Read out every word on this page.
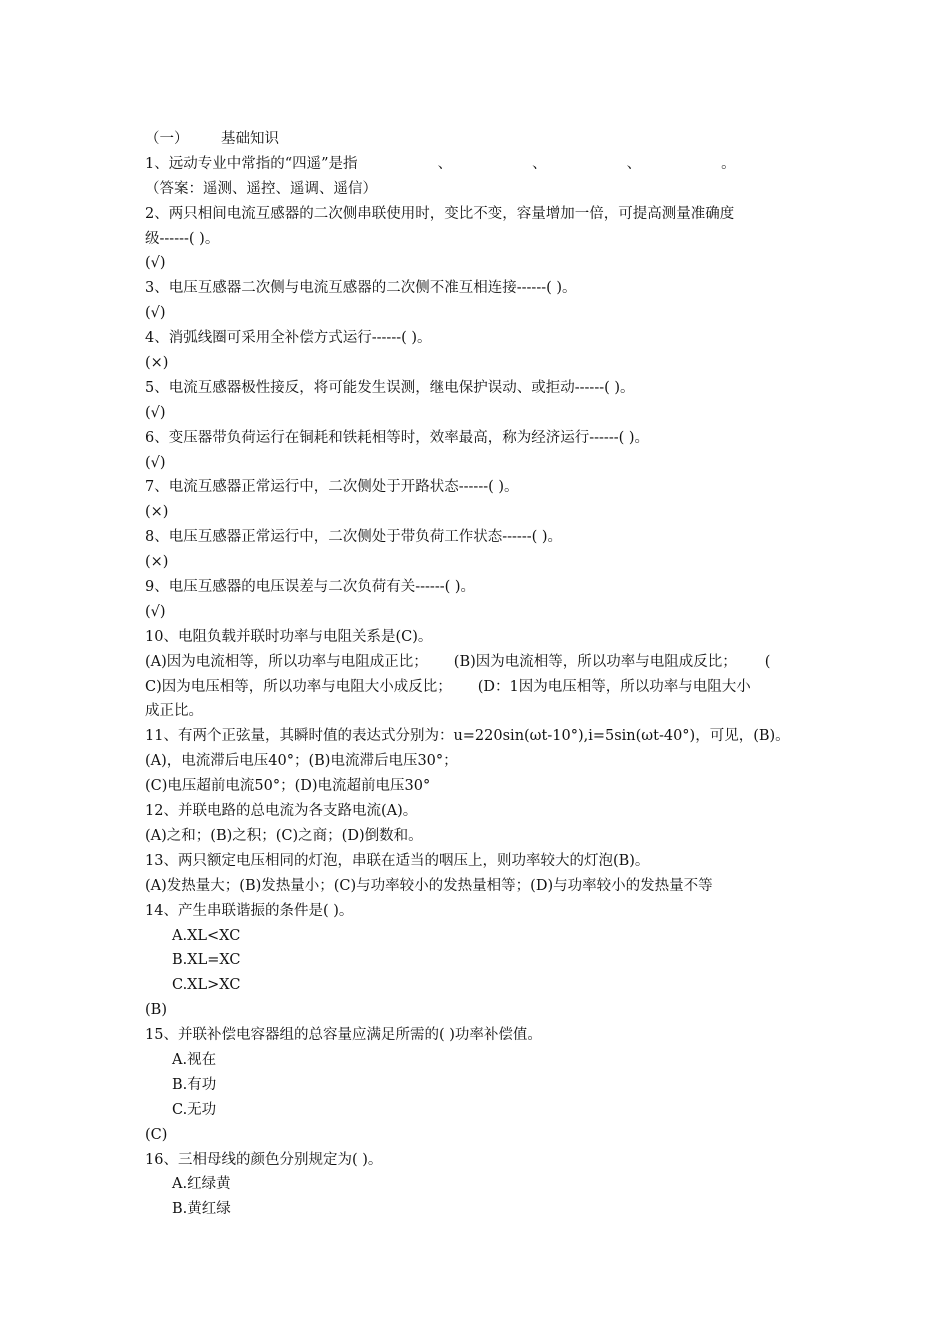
（一） 基础知识
1、远动专业中常指的“四遥”是指	、	、	、	。
（答案：遥测、遥控、遥调、遥信）
2、两只相间电流互感器的二次侧串联使用时，变比不变，容量增加一倍，可提高测量准确度
级------( )。
(√)
3、电压互感器二次侧与电流互感器的二次侧不准互相连接------( )。
(√)
4、消弧线圈可采用全补偿方式运行------( )。
(×)
5、电流互感器极性接反，将可能发生误测，继电保护误动、或拒动------( )。
(√)
6、变压器带负荷运行在铜耗和铁耗相等时，效率最高，称为经济运行------( )。
(√)
7、电流互感器正常运行中，二次侧处于开路状态------( )。
(×)
8、电压互感器正常运行中，二次侧处于带负荷工作状态------( )。
(×)
9、电压互感器的电压误差与二次负荷有关------( )。
(√)
10、电阻负载并联时功率与电阻关系是(C)。
(A)因为电流相等，所以功率与电阻成正比； (B)因为电流相等，所以功率与电阻成反比； (
C)因为电压相等，所以功率与电阻大小成反比； (D：1因为电压相等，所以功率与电阻大小
成正比。
11、有两个正弦量，其瞬时值的表达式分别为：u=220sin(ωt-10°),i=5sin(ωt-40°)，可见，(B)。
(A)，电流滞后电压40°；(B)电流滞后电压30°；
(C)电压超前电流50°；(D)电流超前电压30°
12、并联电路的总电流为各支路电流(A)。
(A)之和；(B)之积；(C)之商；(D)倒数和。
13、两只额定电压相同的灯泡，串联在适当的咽压上，则功率较大的灯泡(B)。
(A)发热量大；(B)发热量小；(C)与功率较小的发热量相等；(D)与功率较小的发热量不等
14、产生串联谐振的条件是( )。
A.XL<XC
B.XL=XC
C.XL>XC
(B)
15、并联补偿电容器组的总容量应满足所需的( )功率补偿值。
A.视在
B.有功
C.无功
(C)
16、三相母线的颜色分别规定为( )。
A.红绿黄
B.黄红绿
